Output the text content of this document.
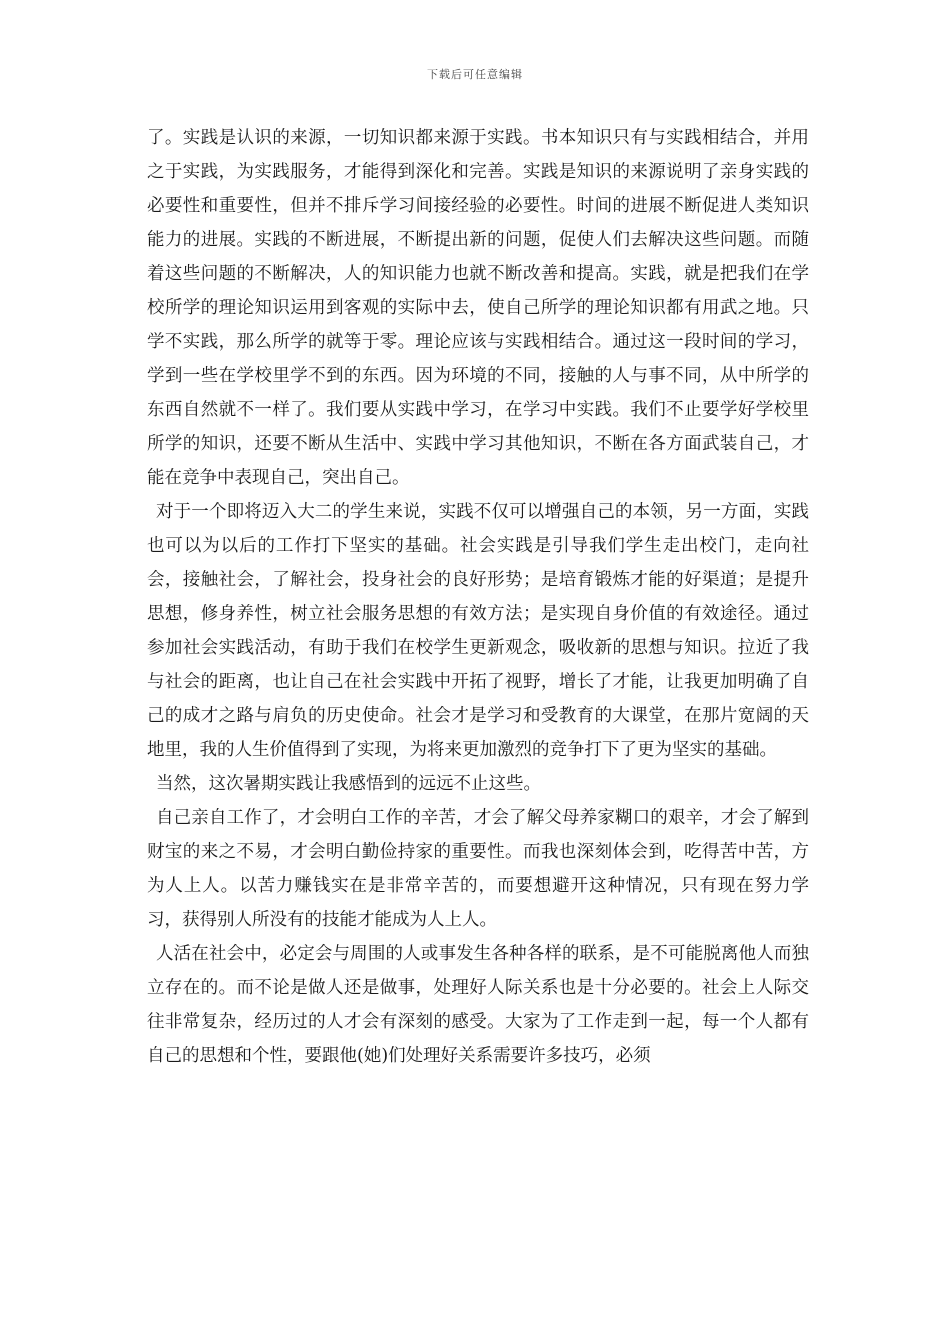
下载后可任意编辑

了。实践是认识的来源，一切知识都来源于实践。书本知识只有与实践相结合，并用之于实践，为实践服务，才能得到深化和完善。实践是知识的来源说明了亲身实践的必要性和重要性，但并不排斥学习间接经验的必要性。时间的进展不断促进人类知识能力的进展。实践的不断进展，不断提出新的问题，促使人们去解决这些问题。而随着这些问题的不断解决，人的知识能力也就不断改善和提高。实践，就是把我们在学校所学的理论知识运用到客观的实际中去，使自己所学的理论知识都有用武之地。只学不实践，那么所学的就等于零。理论应该与实践相结合。通过这一段时间的学习，学到一些在学校里学不到的东西。因为环境的不同，接触的人与事不同，从中所学的东西自然就不一样了。我们要从实践中学习，在学习中实践。我们不止要学好学校里所学的知识，还要不断从生活中、实践中学习其他知识，不断在各方面武装自己，才能在竞争中表现自己，突出自己。

对于一个即将迈入大二的学生来说，实践不仅可以增强自己的本领，另一方面，实践也可以为以后的工作打下坚实的基础。社会实践是引导我们学生走出校门，走向社会，接触社会，了解社会，投身社会的良好形势；是培育锻炼才能的好渠道；是提升思想，修身养性，树立社会服务思想的有效方法；是实现自身价值的有效途径。通过参加社会实践活动，有助于我们在校学生更新观念，吸收新的思想与知识。拉近了我与社会的距离，也让自己在社会实践中开拓了视野，增长了才能，让我更加明确了自己的成才之路与肩负的历史使命。社会才是学习和受教育的大课堂，在那片宽阔的天地里，我的人生价值得到了实现，为将来更加激烈的竞争打下了更为坚实的基础。

当然，这次暑期实践让我感悟到的远远不止这些。

自己亲自工作了，才会明白工作的辛苦，才会了解父母养家糊口的艰辛，才会了解到财宝的来之不易，才会明白勤俭持家的重要性。而我也深刻体会到，吃得苦中苦，方为人上人。以苦力赚钱实在是非常辛苦的，而要想避开这种情况，只有现在努力学习，获得别人所没有的技能才能成为人上人。

人活在社会中，必定会与周围的人或事发生各种各样的联系，是不可能脱离他人而独立存在的。而不论是做人还是做事，处理好人际关系也是十分必要的。社会上人际交往非常复杂，经历过的人才会有深刻的感受。大家为了工作走到一起，每一个人都有自己的思想和个性，要跟他(她)们处理好关系需要许多技巧，必须
